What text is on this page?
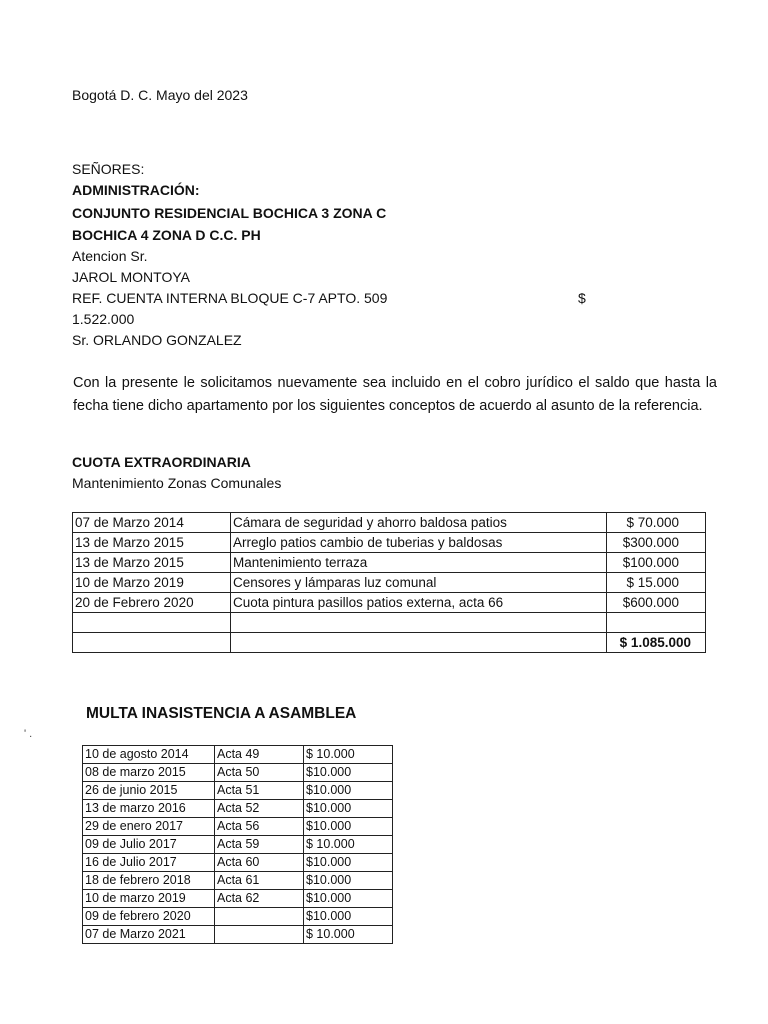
Bogotá D. C. Mayo del 2023
SEÑORES:
ADMINISTRACIÓN:
CONJUNTO RESIDENCIAL BOCHICA 3 ZONA C
BOCHICA 4 ZONA D C.C. PH
Atencion Sr.
JAROL MONTOYA
REF. CUENTA INTERNA BLOQUE C-7 APTO. 509	$
1.522.000
Sr. ORLANDO GONZALEZ
Con la presente le solicitamos nuevamente sea incluido en el cobro jurídico el saldo que hasta la fecha tiene dicho apartamento por los siguientes conceptos de acuerdo al asunto de la referencia.
CUOTA EXTRAORDINARIA
Mantenimiento Zonas Comunales
07 de Marzo 2014	Cámara de seguridad y ahorro baldosa patios	$ 70.000
13 de Marzo 2015	Arreglo patios cambio de tuberias y baldosas	$300.000
13 de Marzo 2015	Mantenimiento terraza	$100.000
10 de Marzo 2019	Censores y lámparas luz comunal	$ 15.000
20 de Febrero 2020	Cuota pintura pasillos patios externa, acta 66	$600.000

		$ 1.085.000
MULTA INASISTENCIA A ASAMBLEA
' .
10 de agosto 2014	Acta 49	$ 10.000
08 de marzo 2015	Acta 50	$10.000
26 de junio 2015	Acta 51	$10.000
13 de marzo 2016	Acta 52	$10.000
29 de enero 2017	Acta 56	$10.000
09 de Julio 2017	Acta 59	$ 10.000
16 de Julio 2017	Acta 60	$10.000
18 de febrero 2018	Acta 61	$10.000
10 de marzo 2019	Acta 62	$10.000
09 de febrero 2020		$10.000
07 de Marzo 2021		$ 10.000
